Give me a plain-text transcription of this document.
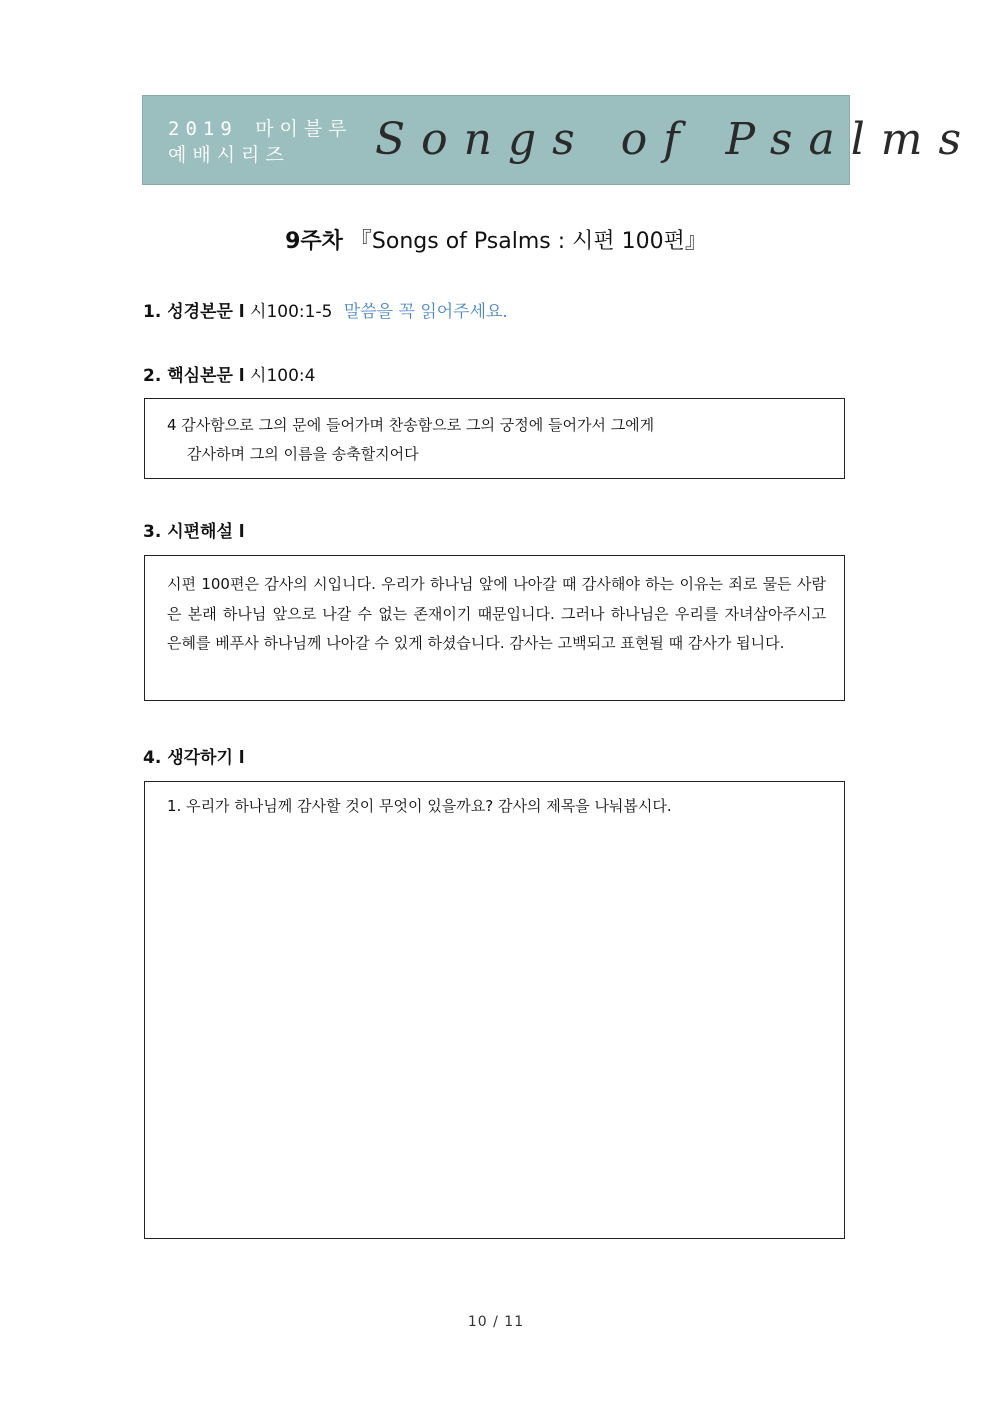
2019 마이블루
예배시리즈	Songs of Psalms
9주차 『Songs of Psalms : 시편 100편』
1. 성경본문 l 시100:1-5 말씀을 꼭 읽어주세요.
2. 핵심본문 l 시100:4
4 감사함으로 그의 문에 들어가며 찬송함으로 그의 궁정에 들어가서 그에게
감사하며 그의 이름을 송축할지어다
3. 시편해설 l
시편 100편은 감사의 시입니다. 우리가 하나님 앞에 나아갈 때 감사해야 하는 이유는 죄로 물든 사람은 본래 하나님 앞으로 나갈 수 없는 존재이기 때문입니다. 그러나 하나님은 우리를 자녀삼아주시고 은혜를 베푸사 하나님께 나아갈 수 있게 하셨습니다. 감사는 고백되고 표현될 때 감사가 됩니다.
4. 생각하기 l
1. 우리가 하나님께 감사할 것이 무엇이 있을까요? 감사의 제목을 나눠봅시다.
10 / 11
